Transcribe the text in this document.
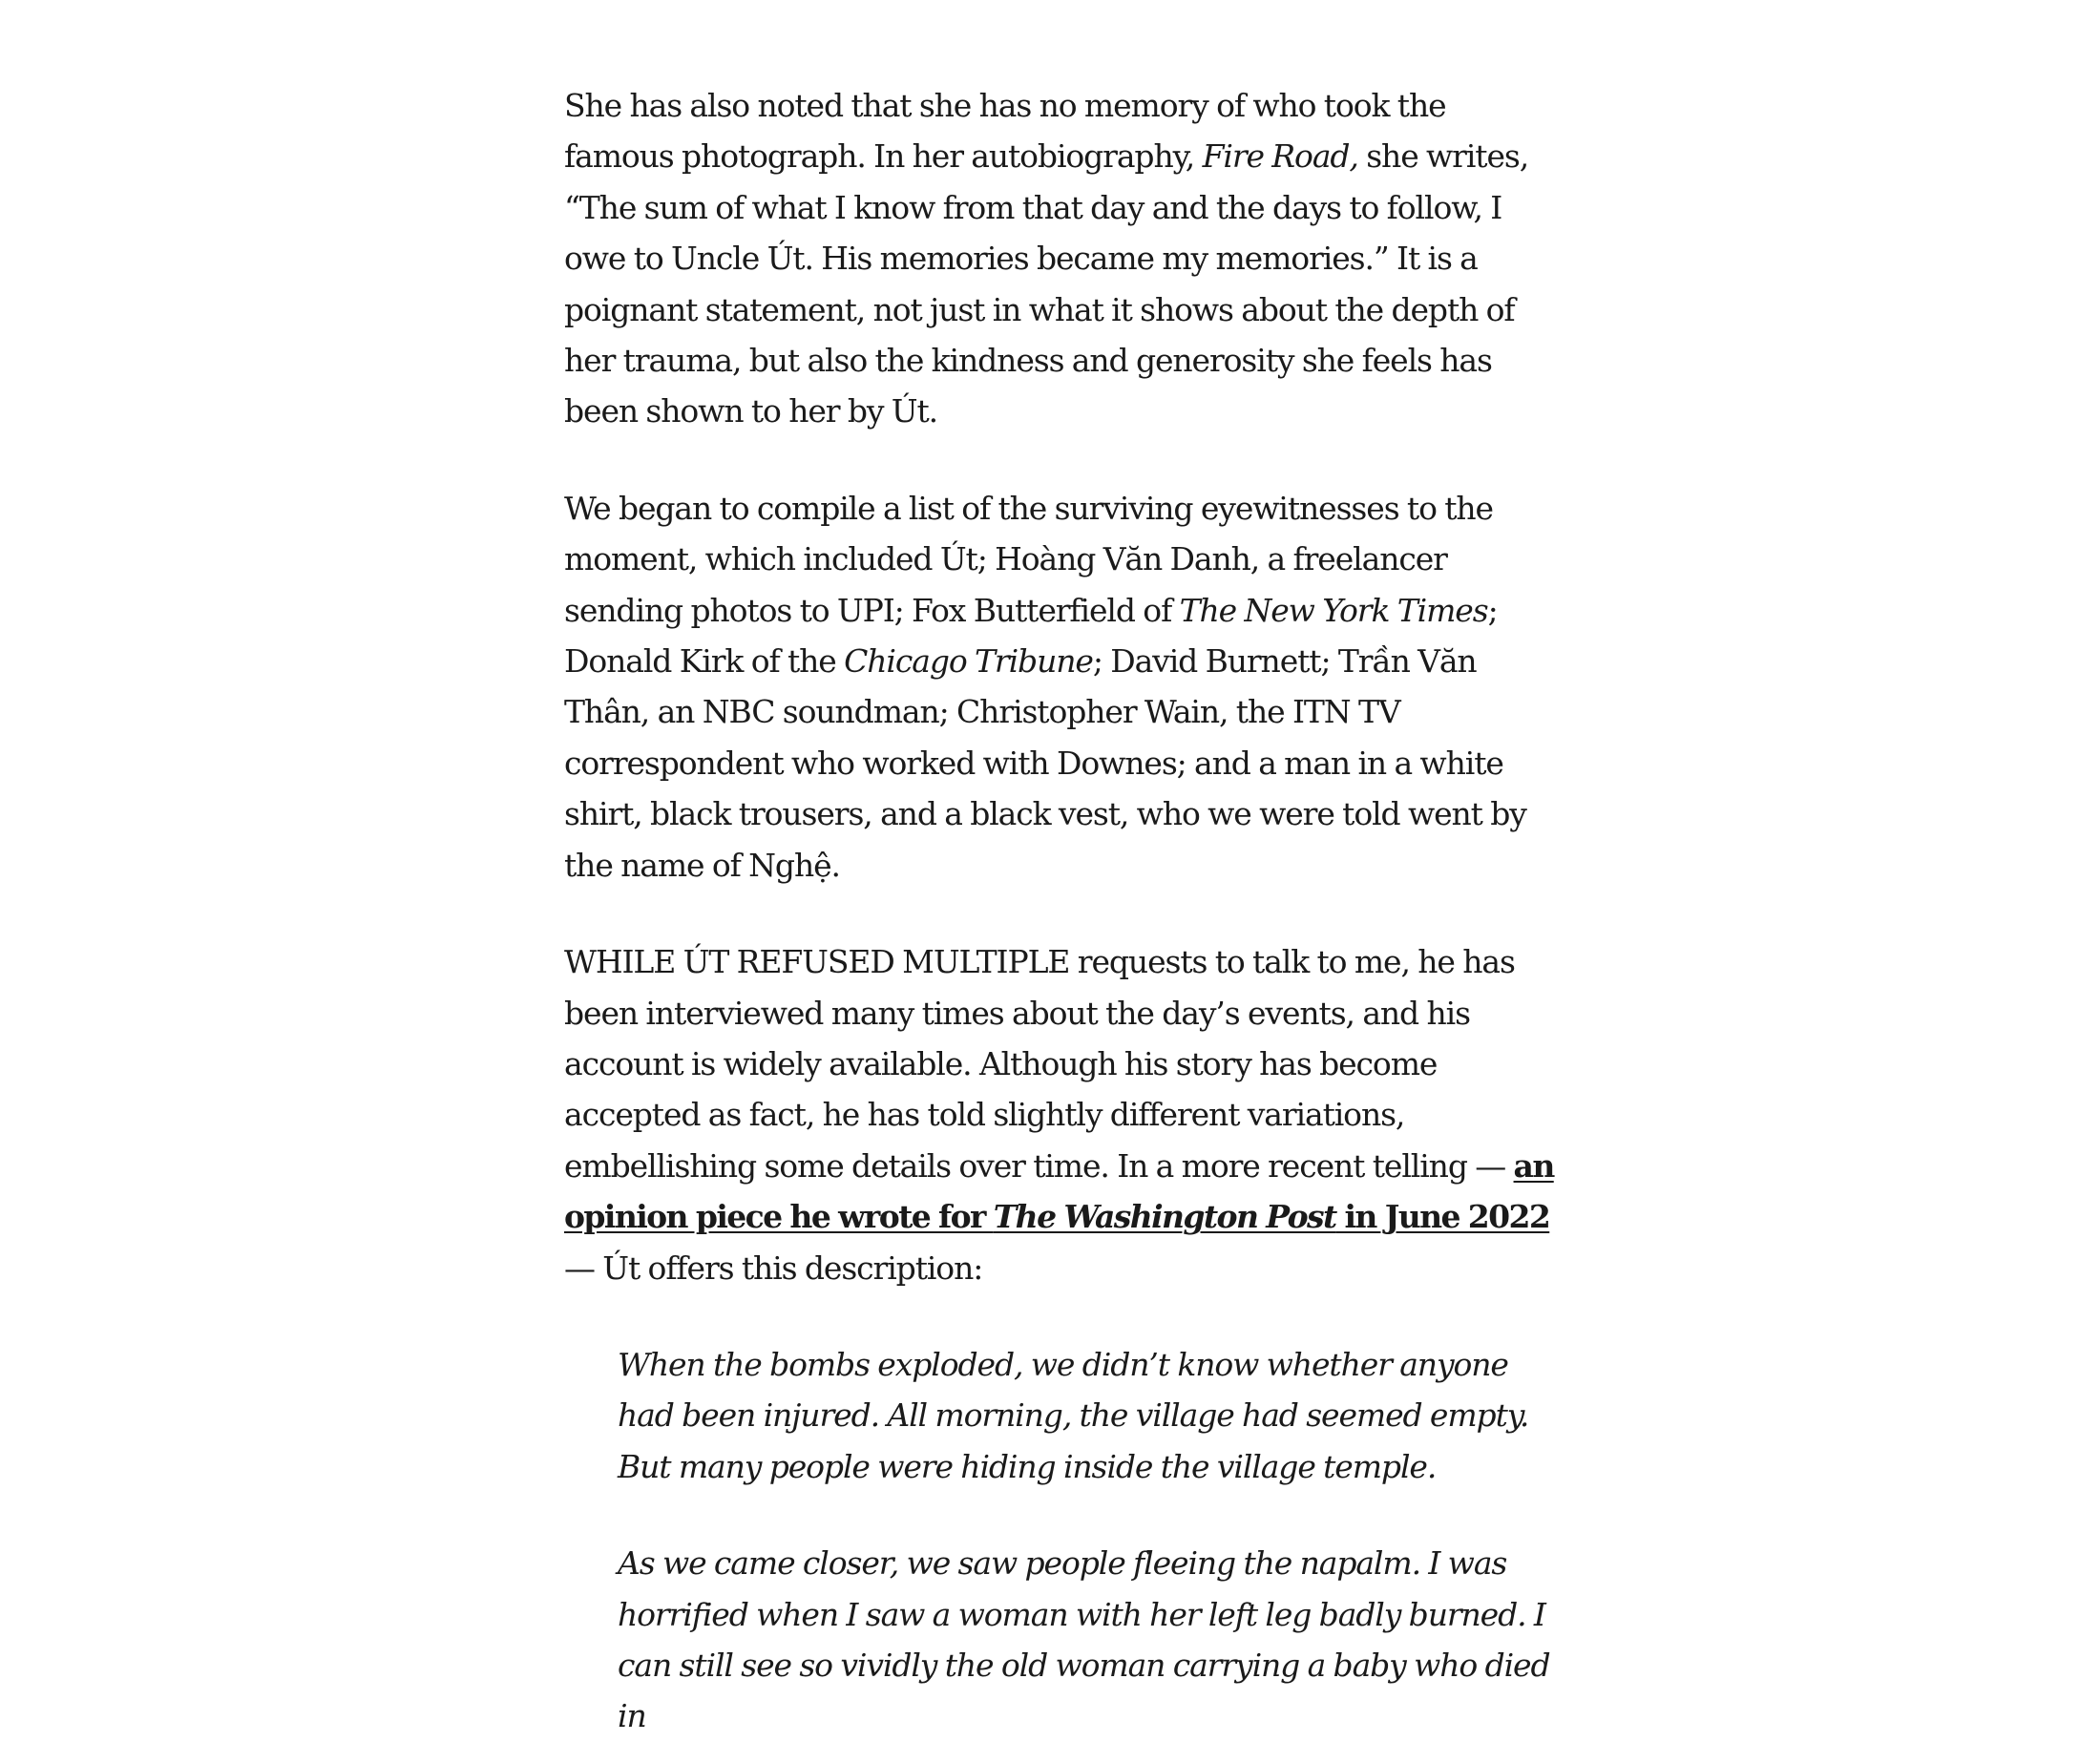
She has also noted that she has no memory of who took the famous photograph. In her autobiography, Fire Road, she writes, “The sum of what I know from that day and the days to follow, I owe to Uncle Út. His memories became my memories.” It is a poignant statement, not just in what it shows about the depth of her trauma, but also the kindness and generosity she feels has been shown to her by Út.

We began to compile a list of the surviving eyewitnesses to the moment, which included Út; Hoàng Văn Danh, a freelancer sending photos to UPI; Fox Butterfield of The New York Times; Donald Kirk of the Chicago Tribune; David Burnett; Trần Văn Thân, an NBC soundman; Christopher Wain, the ITN TV correspondent who worked with Downes; and a man in a white shirt, black trousers, and a black vest, who we were told went by the name of Nghệ.

WHILE ÚT REFUSED MULTIPLE requests to talk to me, he has been interviewed many times about the day’s events, and his account is widely available. Although his story has become accepted as fact, he has told slightly different variations, embellishing some details over time. In a more recent telling — an opinion piece he wrote for The Washington Post in June 2022 — Út offers this description:

When the bombs exploded, we didn’t know whether anyone had been injured. All morning, the village had seemed empty. But many people were hiding inside the village temple.

As we came closer, we saw people fleeing the napalm. I was horrified when I saw a woman with her left leg badly burned. I can still see so vividly the old woman carrying a baby who died in
